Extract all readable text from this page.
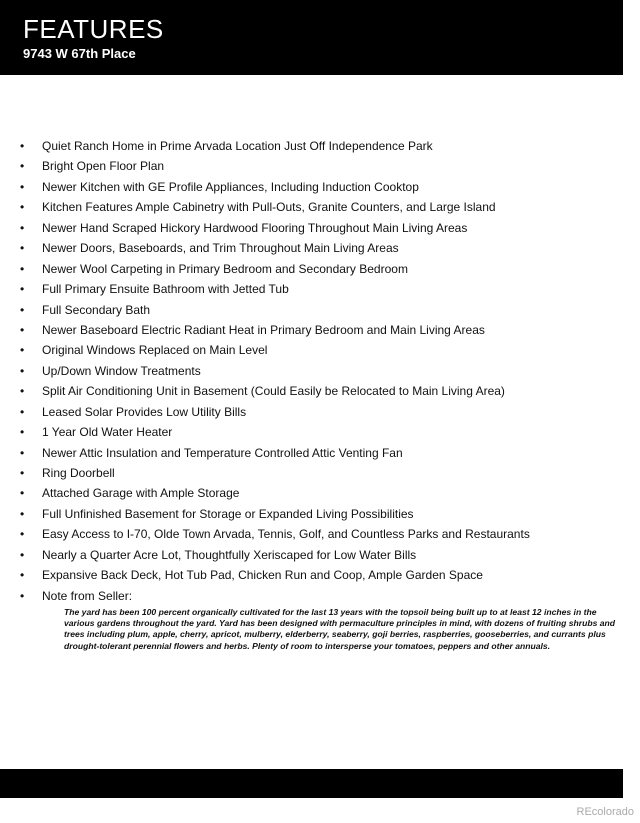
FEATURES
9743 W 67th Place
• Quiet Ranch Home in Prime Arvada Location Just Off Independence Park
• Bright Open Floor Plan
• Newer Kitchen with GE Profile Appliances, Including Induction Cooktop
• Kitchen Features Ample Cabinetry with Pull-Outs, Granite Counters, and Large Island
• Newer Hand Scraped Hickory Hardwood Flooring Throughout Main Living Areas
• Newer Doors, Baseboards, and Trim Throughout Main Living Areas
• Newer Wool Carpeting in Primary Bedroom and Secondary Bedroom
• Full Primary Ensuite Bathroom with Jetted Tub
• Full Secondary Bath
• Newer Baseboard Electric Radiant Heat in Primary Bedroom and Main Living Areas
• Original Windows Replaced on Main Level
• Up/Down Window Treatments
• Split Air Conditioning Unit in Basement (Could Easily be Relocated to Main Living Area)
• Leased Solar Provides Low Utility Bills
• 1 Year Old Water Heater
• Newer Attic Insulation and Temperature Controlled Attic Venting Fan
• Ring Doorbell
• Attached Garage with Ample Storage
• Full Unfinished Basement for Storage or Expanded Living Possibilities
• Easy Access to I-70, Olde Town Arvada, Tennis, Golf, and Countless Parks and Restaurants
• Nearly a Quarter Acre Lot, Thoughtfully Xeriscaped for Low Water Bills
• Expansive Back Deck, Hot Tub Pad, Chicken Run and Coop, Ample Garden Space
• Note from Seller:
The yard has been 100 percent organically cultivated for the last 13 years with the topsoil being built up to at least 12 inches in the various gardens throughout the yard. Yard has been designed with permaculture principles in mind, with dozens of fruiting shrubs and trees including plum, apple, cherry, apricot, mulberry, elderberry, seaberry, goji berries, raspberries, gooseberries, and currants plus drought-tolerant perennial flowers and herbs. Plenty of room to intersperse your tomatoes, peppers and other annuals.
REcolorado
